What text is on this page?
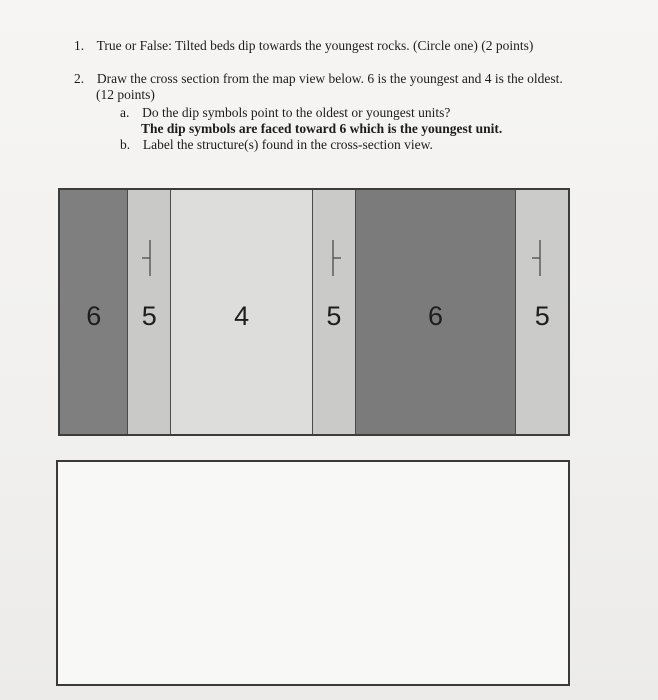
1. True or False: Tilted beds dip towards the youngest rocks. (Circle one) (2 points)
2. Draw the cross section from the map view below. 6 is the youngest and 4 is the oldest.
(12 points)
a. Do the dip symbols point to the oldest or youngest units?
The dip symbols are faced toward 6 which is the youngest unit.
b. Label the structure(s) found in the cross-section view.
6	5	4	5	6	5
